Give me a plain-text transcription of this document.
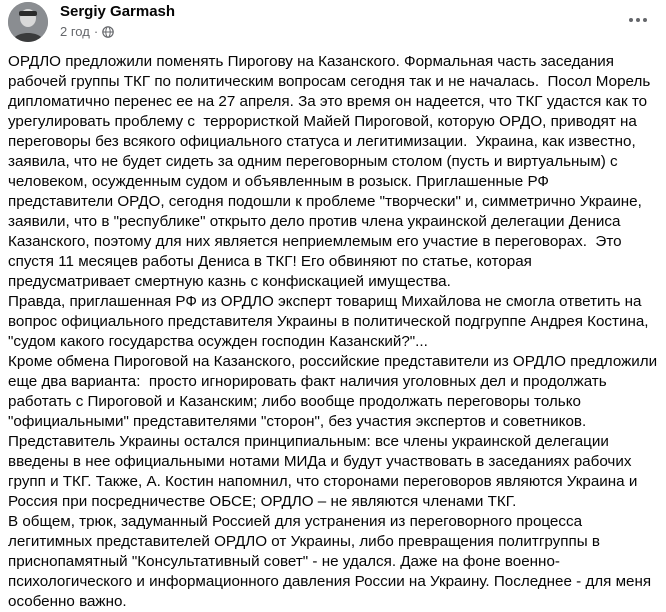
Sergiy Garmash
2 год ·

ОРДЛО предложили поменять Пирогову на Казанского. Формальная часть заседания рабочей группы ТКГ по политическим вопросам сегодня так и не началась.  Посол Морель дипломатично перенес ее на 27 апреля. За это время он надеется, что ТКГ удастся как то урегулировать проблему с  террористкой Майей Пироговой, которую ОРДО, приводят на переговоры без всякого официального статуса и легитимизации.  Украина, как известно, заявила, что не будет сидеть за одним переговорным столом (пусть и виртуальным) с человеком, осужденным судом и объявленным в розыск. Приглашенные РФ представители ОРДО, сегодня подошли к проблеме "творчески" и, симметрично Украине, заявили, что в "республике" открыто дело против члена украинской делегации Дениса Казанского, поэтому для них является неприемлемым его участие в переговорах.  Это спустя 11 месяцев работы Дениса в ТКГ! Его обвиняют по статье, которая предусматривает смертную казнь с конфискацией имущества.

Правда, приглашенная РФ из ОРДЛО эксперт товарищ Михайлова не смогла ответить на вопрос официального представителя Украины в политической подгруппе Андрея Костина, "судом какого государства осужден господин Казанский?"...

Кроме обмена Пироговой на Казанского, российские представители из ОРДЛО предложили еще два варианта:  просто игнорировать факт наличия уголовных дел и продолжать работать с Пироговой и Казанским; либо вообще продолжать переговоры только "официальными" представителями "сторон", без участия экспертов и советников.

Представитель Украины остался принципиальным: все члены украинской делегации введены в нее официальными нотами МИДа и будут участвовать в заседаниях рабочих групп и ТКГ. Также, А. Костин напомнил, что сторонами переговоров являются Украина и Россия при посредничестве ОБСЕ; ОРДЛО – не являются членами ТКГ.

В общем, трюк, задуманный Россией для устранения из переговорного процесса легитимных представителей ОРДЛО от Украины, либо превращения политгруппы в приснопамятный "Консультативный совет" - не удался. Даже на фоне военно-психологического и информационного давления России на Украину. Последнее - для меня особенно важно.
